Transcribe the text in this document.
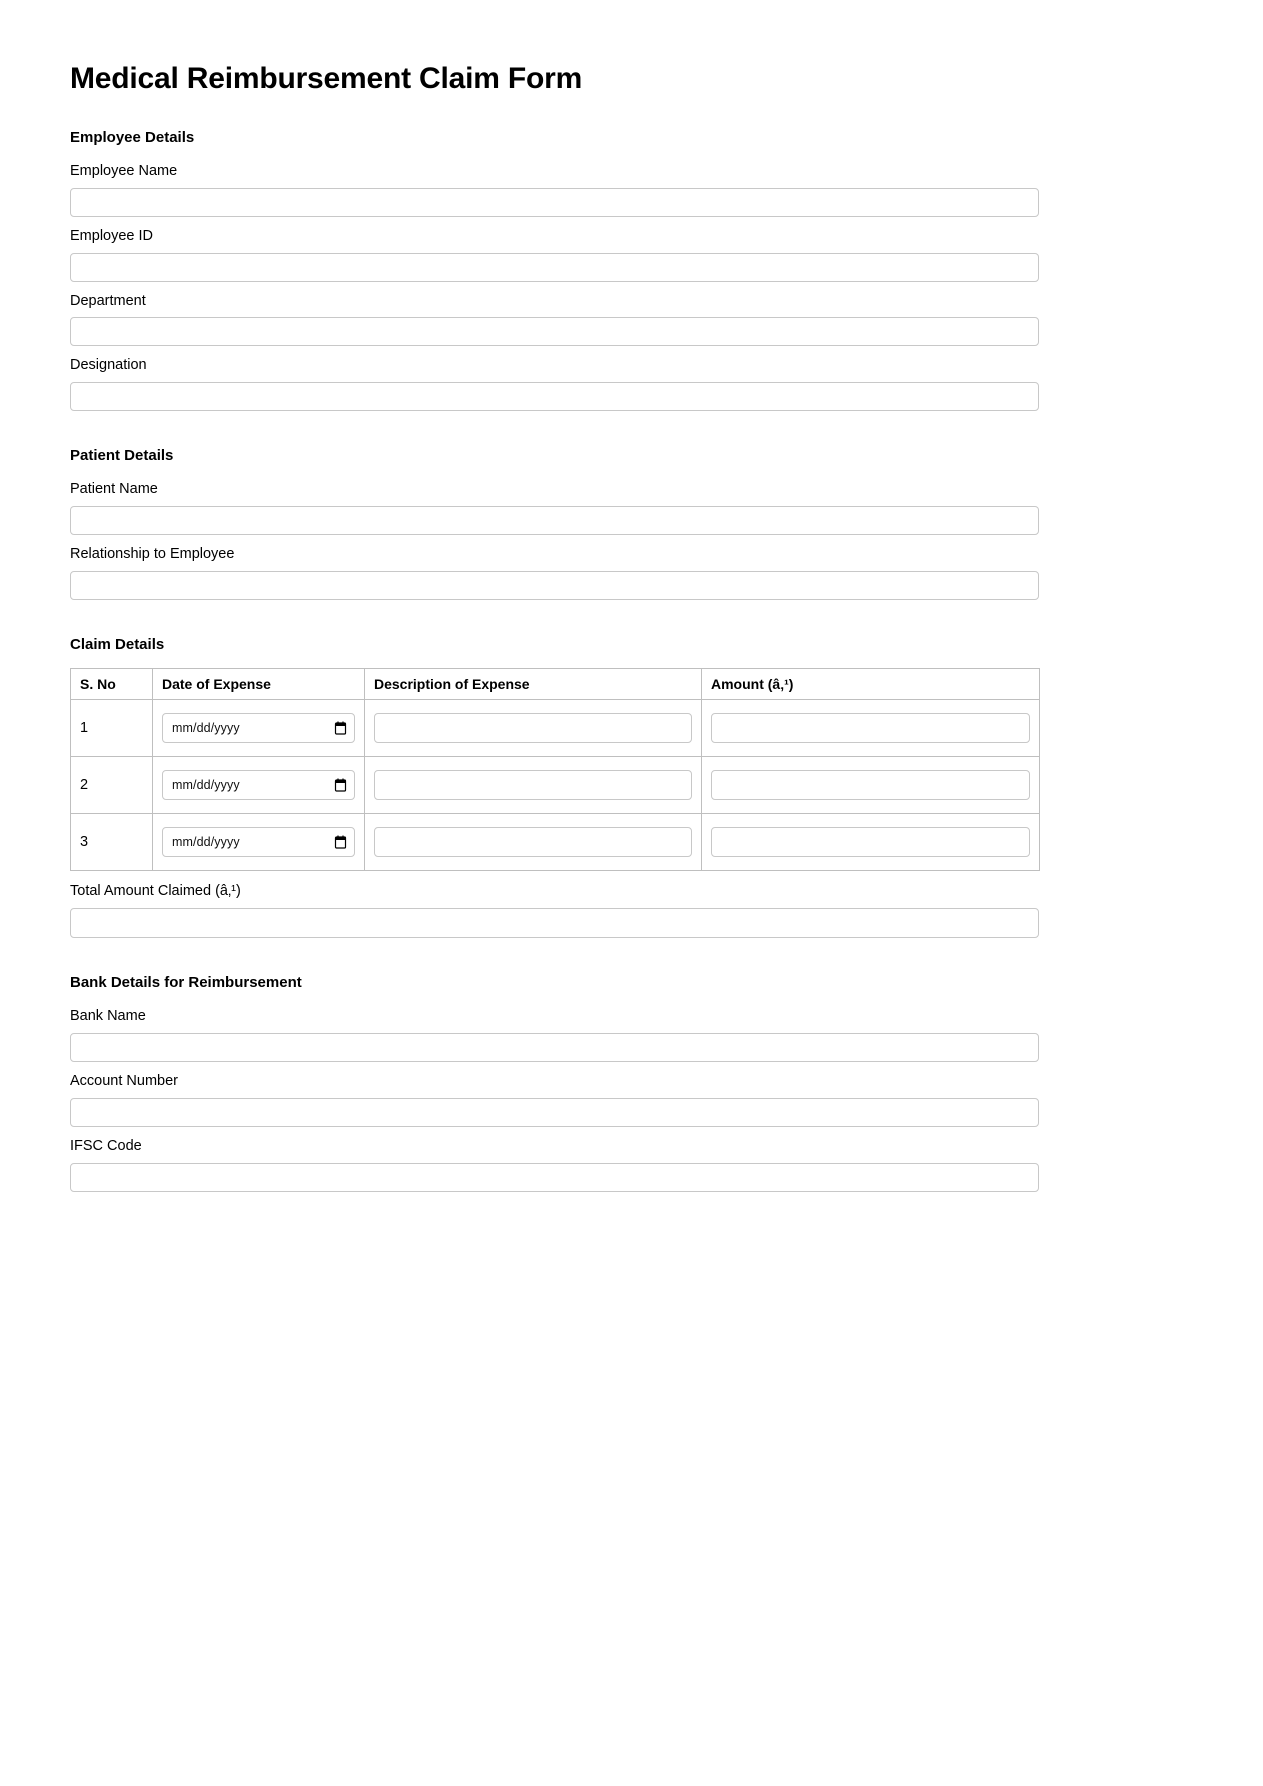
Medical Reimbursement Claim Form
Employee Details
Employee Name
Employee ID
Department
Designation
Patient Details
Patient Name
Relationship to Employee
Claim Details
S. No	Date of Expense	Description of Expense	Amount (â‚¹)
1	mm/dd/yyyy

2	mm/dd/yyyy

3	mm/dd/yyyy

Total Amount Claimed (â‚¹)
Bank Details for Reimbursement
Bank Name
Account Number
IFSC Code
